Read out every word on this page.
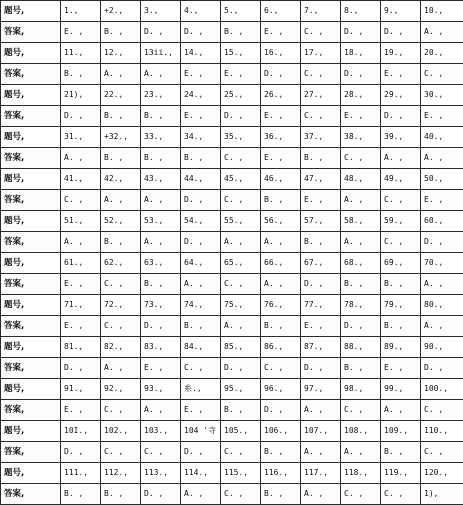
题号,	1.,	+2.,	3.,	4.,	5.,	6.,	7.,	8.,	9.,	10.,
答案,	E. ,	B. ,	D. ,	D. ,	B. ,	E. ,	C. ,	D. ,	D. ,	A. ,
题号,	11.,	12.,	13ii.,	14.,	15.,	16.,	17.,	18.,	19.,	20.,
答案,	B. ,	A. ,	A. ,	E. ,	E. ,	D. ,	C. ,	D. ,	E. ,	C. ,
题号,	21),	22.,	23.,	24.,	25.,	26.,	27.,	28.,	29.,	30.,
答案,	D. ,	B. ,	B. ,	E. ,	D. ,	E. ,	C. ,	E. ,	D. ,	E. ,
题号,	31.,	+32.,	33.,	34.,	35.,	36.,	37.,	38.,	39.,	40.,
答案,	A. ,	B. ,	B. ,	B. ,	C. ,	E. ,	B. ,	C. ,	A. ,	A. ,
题号,	41.,	42.,	43.,	44.,	45.,	46.,	47.,	48.,	49.,	50.,
答案,	C. ,	A. ,	A. ,	D. ,	C. ,	B. ,	E. ,	A. ,	C. ,	E. ,
题号,	51.,	52.,	53.,	54.,	55.,	56.,	57.,	58.,	59.,	60.,
答案,	A. ,	B. ,	A. ,	D. ,	A. ,	A. ,	B. ,	A. ,	C. ,	D. ,
题号,	61.,	62.,	63.,	64.,	65.,	66.,	67.,	68.,	69.,	70.,
答案,	E. ,	C. ,	B. ,	A. ,	C. ,	A. ,	D. ,	B. ,	B. ,	A. ,
题号,	71.,	72.,	73.,	74.,	75.,	76.,	77.,	78.,	79.,	80.,
答案,	E. ,	C. ,	D. ,	B. ,	A. ,	B. ,	E. ,	D. ,	B. ,	A. ,
题号,	81.,	82.,	83.,	84.,	85.,	86.,	87.,	88.,	89.,	90.,
答案,	D. ,	A. ,	E. ,	C. ,	D. ,	C. ,	D. ,	B. ,	E. ,	D. ,
题号,	91.,	92.,	93.,	糸.,	95.,	96.,	97.,	98.,	99.,	100.,
答案,	E. ,	C. ,	A. ,	E. ,	B. ,	D. ,	A. ,	C. ,	A. ,	C. ,
题号,	10I.,	102.,	103.,	104 '寺	105.,	106.,	107.,	108.,	109.,	110.,
答案,	D. ,	C. ,	C. ,	D. ,	C. ,	B. ,	A. ,	A. ,	B. ,	C. ,
题号,	111.,	112.,	113.,	114.,	115.,	116.,	117.,	118.,	119.,	120.,
答案,	B. ,	B. ,	D. ,	A. ,	C. ,	B. ,	A. ,	C. ,	C. ,	1),
